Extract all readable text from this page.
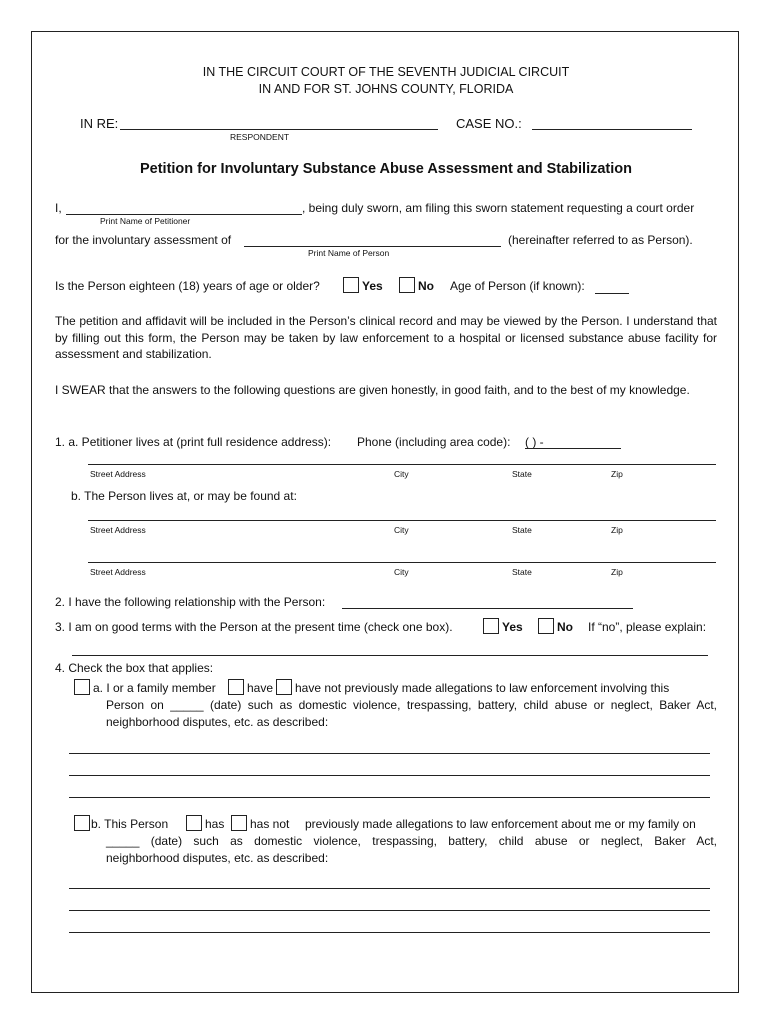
IN THE CIRCUIT COURT OF THE SEVENTH JUDICIAL CIRCUIT
IN AND FOR ST. JOHNS COUNTY, FLORIDA
IN RE:
RESPONDENT
CASE NO.:
Petition for Involuntary Substance Abuse Assessment and Stabilization
I,	, being duly sworn, am filing this sworn statement requesting a court order
Print Name of Petitioner
for the involuntary assessment of	(hereinafter referred to as Person).
Print Name of Person
Is the Person eighteen (18) years of age or older?	Yes	No Age of Person (if known):
The petition and affidavit will be included in the Person’s clinical record and may be viewed by the Person. I understand that by filling out this form, the Person may be taken by law enforcement to a hospital or licensed substance abuse facility for assessment and stabilization.
I SWEAR that the answers to the following questions are given honestly, in good faith, and to the best of my knowledge.
1. a. Petitioner lives at (print full residence address): Phone (including area code): ( ) -
Street Address	City	State	Zip
b. The Person lives at, or may be found at:
Street Address	City	State	Zip
Street Address	City	State	Zip
2. I have the following relationship with the Person:
3. I am on good terms with the Person at the present time (check one box).	Yes	No If “no”, please explain:
4. Check the box that applies:
a. I or a family member	have have not previously made allegations to law enforcement involving this
Person on _____ (date) such as domestic violence, trespassing, battery, child abuse or neglect, Baker Act,
neighborhood disputes, etc. as described:
b. This Person	has has not previously made allegations to law enforcement about me or my family on
_____ (date) such as domestic violence, trespassing, battery, child abuse or neglect, Baker Act,
neighborhood disputes, etc. as described:
